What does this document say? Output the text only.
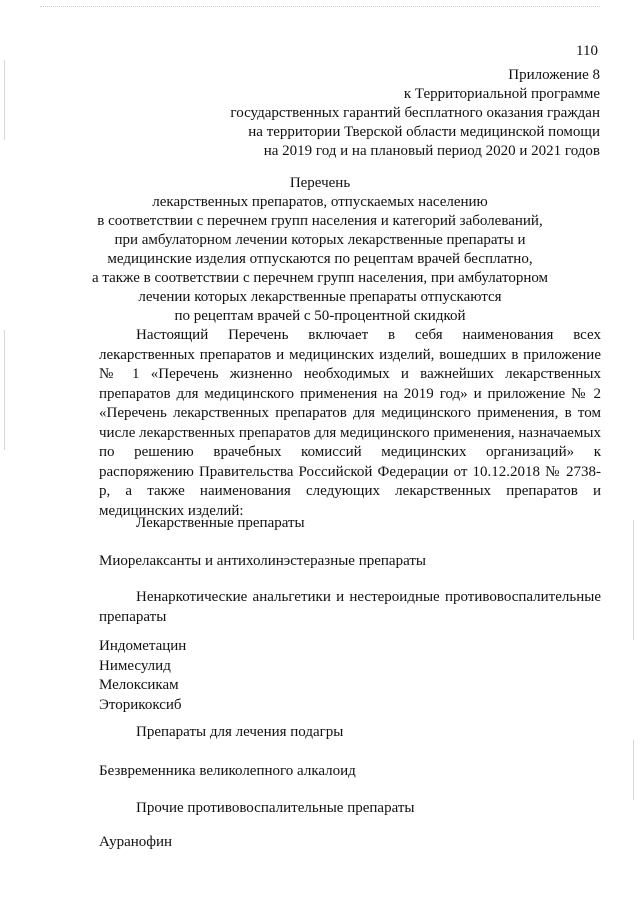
110
Приложение 8
к Территориальной программе
государственных гарантий бесплатного оказания граждан
на территории Тверской области медицинской помощи
на 2019 год и на плановый период 2020 и 2021 годов
Перечень
лекарственных препаратов, отпускаемых населению
в соответствии с перечнем групп населения и категорий заболеваний,
при амбулаторном лечении которых лекарственные препараты и
медицинские изделия отпускаются по рецептам врачей бесплатно,
а также в соответствии с перечнем групп населения, при амбулаторном
лечении которых лекарственные препараты отпускаются
по рецептам врачей с 50-процентной скидкой

Настоящий Перечень включает в себя наименования всех лекарственных препаратов и медицинских изделий, вошедших в приложение № 1 «Перечень жизненно необходимых и важнейших лекарственных препаратов для медицинского применения на 2019 год» и приложение № 2 «Перечень лекарственных препаратов для медицинского применения, в том числе лекарственных препаратов для медицинского применения, назначаемых по решению врачебных комиссий медицинских организаций» к распоряжению Правительства Российской Федерации от 10.12.2018 № 2738-р, а также наименования следующих лекарственных препаратов и медицинских изделий:

Лекарственные препараты
Миорелаксанты и антихолинэстеразные препараты
Ненаркотические анальгетики и нестероидные противовоспалительные препараты
Индометацин
Нимесулид
Мелоксикам
Эторикоксиб
Препараты для лечения подагры
Безвременника великолепного алкалоид
Прочие противовоспалительные препараты
Ауранофин
